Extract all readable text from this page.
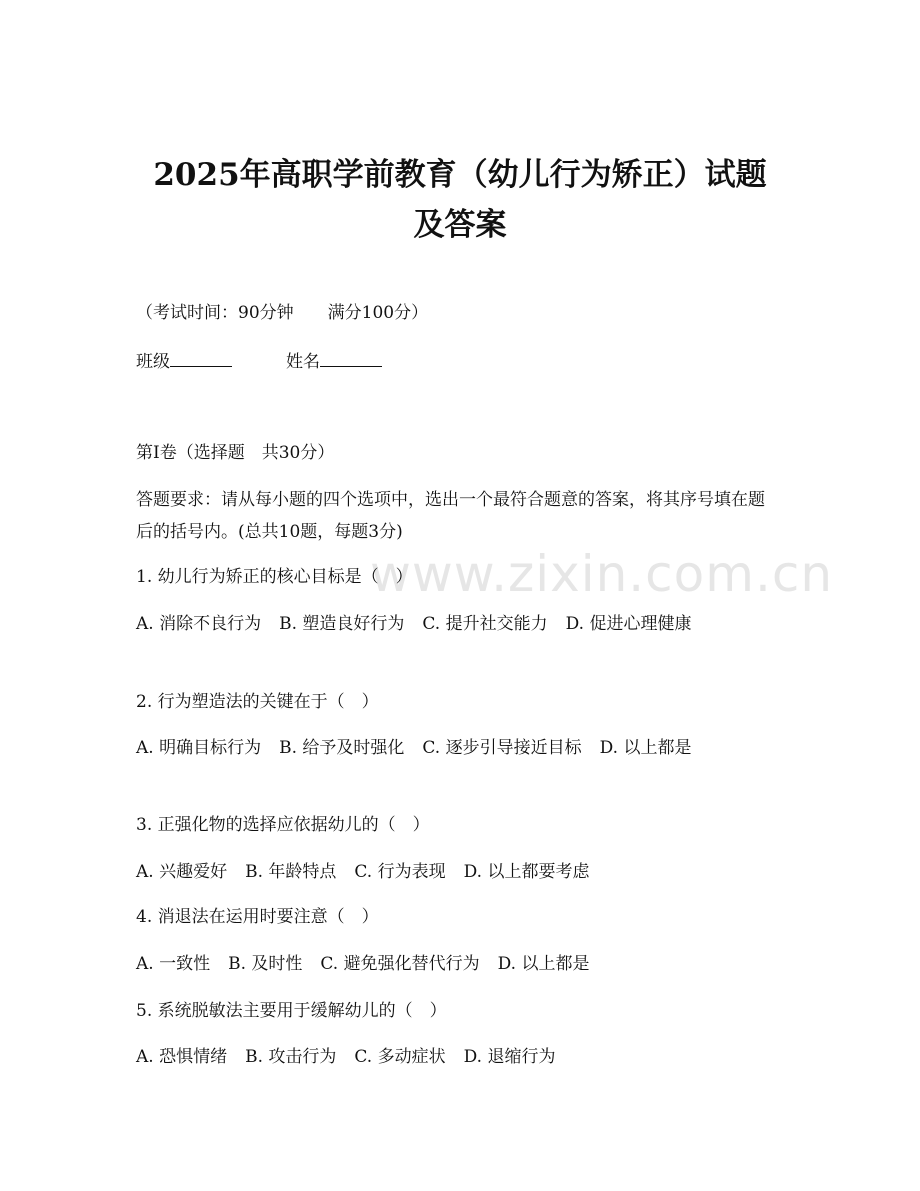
www.zixin.com.cn
2025年高职学前教育（幼儿行为矫正）试题
及答案
（考试时间：90分钟　　满分100分）
班级	姓名
第Ⅰ卷（选择题　共30分）
答题要求：请从每小题的四个选项中，选出一个最符合题意的答案，将其序号填在题后的括号内。(总共10题，每题3分)
1. 幼儿行为矫正的核心目标是（　）
A. 消除不良行为 B. 塑造良好行为 C. 提升社交能力 D. 促进心理健康
2. 行为塑造法的关键在于（　）
A. 明确目标行为 B. 给予及时强化 C. 逐步引导接近目标 D. 以上都是
3. 正强化物的选择应依据幼儿的（　）
A. 兴趣爱好 B. 年龄特点 C. 行为表现 D. 以上都要考虑
4. 消退法在运用时要注意（　）
A. 一致性 B. 及时性 C. 避免强化替代行为 D. 以上都是
5. 系统脱敏法主要用于缓解幼儿的（　）
A. 恐惧情绪 B. 攻击行为 C. 多动症状 D. 退缩行为
